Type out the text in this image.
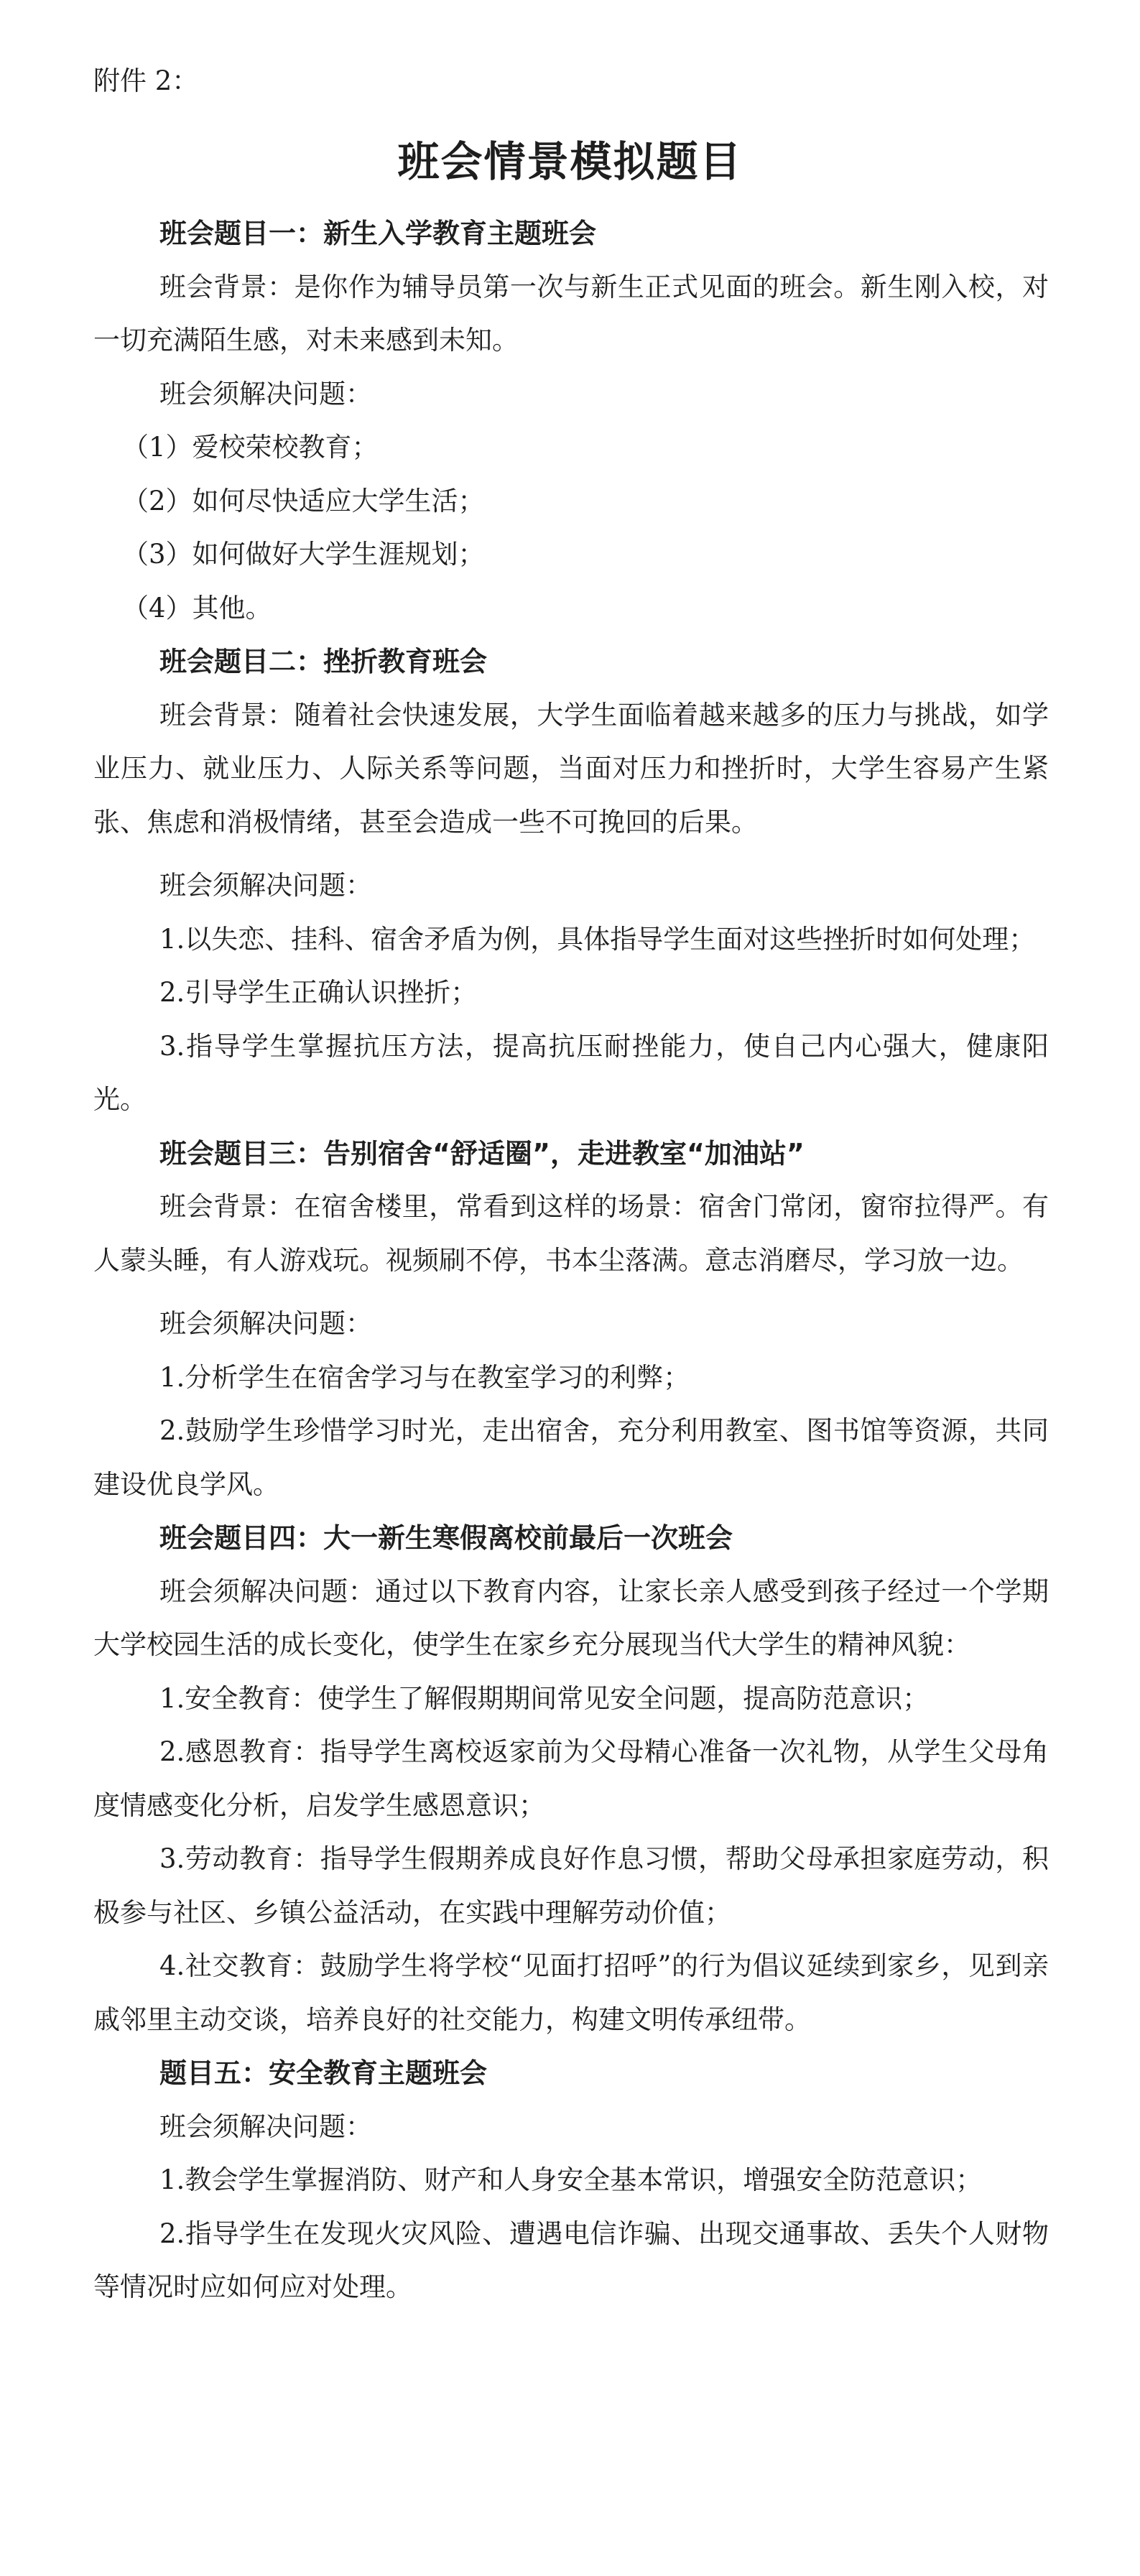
附件 2：
班会情景模拟题目

班会题目一：新生入学教育主题班会

班会背景：是你作为辅导员第一次与新生正式见面的班会。新生刚入校，对一切充满陌生感，对未来感到未知。

班会须解决问题：

（1）爱校荣校教育；

（2）如何尽快适应大学生活；

（3）如何做好大学生涯规划；

（4）其他。

班会题目二：挫折教育班会

班会背景：随着社会快速发展，大学生面临着越来越多的压力与挑战，如学业压力、就业压力、人际关系等问题，当面对压力和挫折时，大学生容易产生紧张、焦虑和消极情绪，甚至会造成一些不可挽回的后果。

班会须解决问题：

1.以失恋、挂科、宿舍矛盾为例，具体指导学生面对这些挫折时如何处理；

2.引导学生正确认识挫折；

3.指导学生掌握抗压方法，提高抗压耐挫能力，使自己内心强大，健康阳光。

班会题目三：告别宿舍“舒适圈”，走进教室“加油站”

班会背景：在宿舍楼里，常看到这样的场景：宿舍门常闭，窗帘拉得严。有人蒙头睡，有人游戏玩。视频刷不停，书本尘落满。意志消磨尽，学习放一边。

班会须解决问题：

1.分析学生在宿舍学习与在教室学习的利弊；

2.鼓励学生珍惜学习时光，走出宿舍，充分利用教室、图书馆等资源，共同建设优良学风。

班会题目四：大一新生寒假离校前最后一次班会

班会须解决问题：通过以下教育内容，让家长亲人感受到孩子经过一个学期大学校园生活的成长变化，使学生在家乡充分展现当代大学生的精神风貌：

1.安全教育：使学生了解假期期间常见安全问题，提高防范意识；

2.感恩教育：指导学生离校返家前为父母精心准备一次礼物，从学生父母角度情感变化分析，启发学生感恩意识；

3.劳动教育：指导学生假期养成良好作息习惯，帮助父母承担家庭劳动，积极参与社区、乡镇公益活动，在实践中理解劳动价值；

4.社交教育：鼓励学生将学校“见面打招呼”的行为倡议延续到家乡，见到亲戚邻里主动交谈，培养良好的社交能力，构建文明传承纽带。

题目五：安全教育主题班会

班会须解决问题：

1.教会学生掌握消防、财产和人身安全基本常识，增强安全防范意识；

2.指导学生在发现火灾风险、遭遇电信诈骗、出现交通事故、丢失个人财物等情况时应如何应对处理。
